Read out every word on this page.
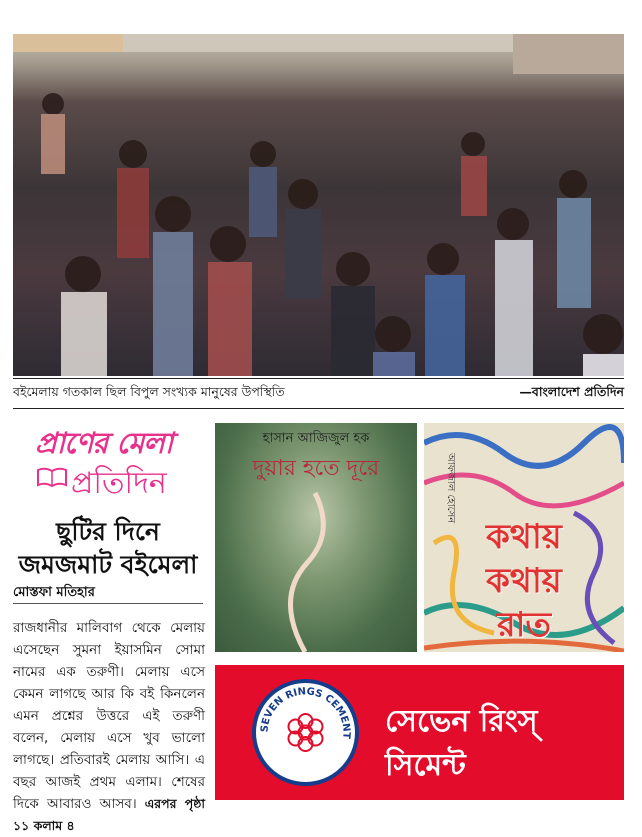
বইমেলায় গতকাল ছিল বিপুল সংখ্যক মানুষের উপস্থিতি	—বাংলাদেশ প্রতিদিন
প্রাণের মেলা
প্রতিদিন
ছুটির দিনে জমজমাট বইমেলা
মোস্তফা মতিহার
রাজধানীর মালিবাগ থেকে মেলায় এসেছেন সুমনা ইয়াসমিন সোমা নামের এক তরুণী। মেলায় এসে কেমন লাগছে আর কি বই কিনলেন এমন প্রশ্নের উত্তরে এই তরুণী বলেন, মেলায় এসে খুব ভালো লাগছে। প্রতিবারই মেলায় আসি। এ বছর আজই প্রথম এলাম। শেষের দিকে আবারও আসব। এরপর পৃষ্ঠা ১১ কলাম ৪
হাসান আজিজুল হক
দুয়ার হতে দূরে	আফজাল হোসেন
কথায়
কথায়
রাত
SEVEN RINGS CEMENT সেভেন রিংস্
সিমেন্ট
